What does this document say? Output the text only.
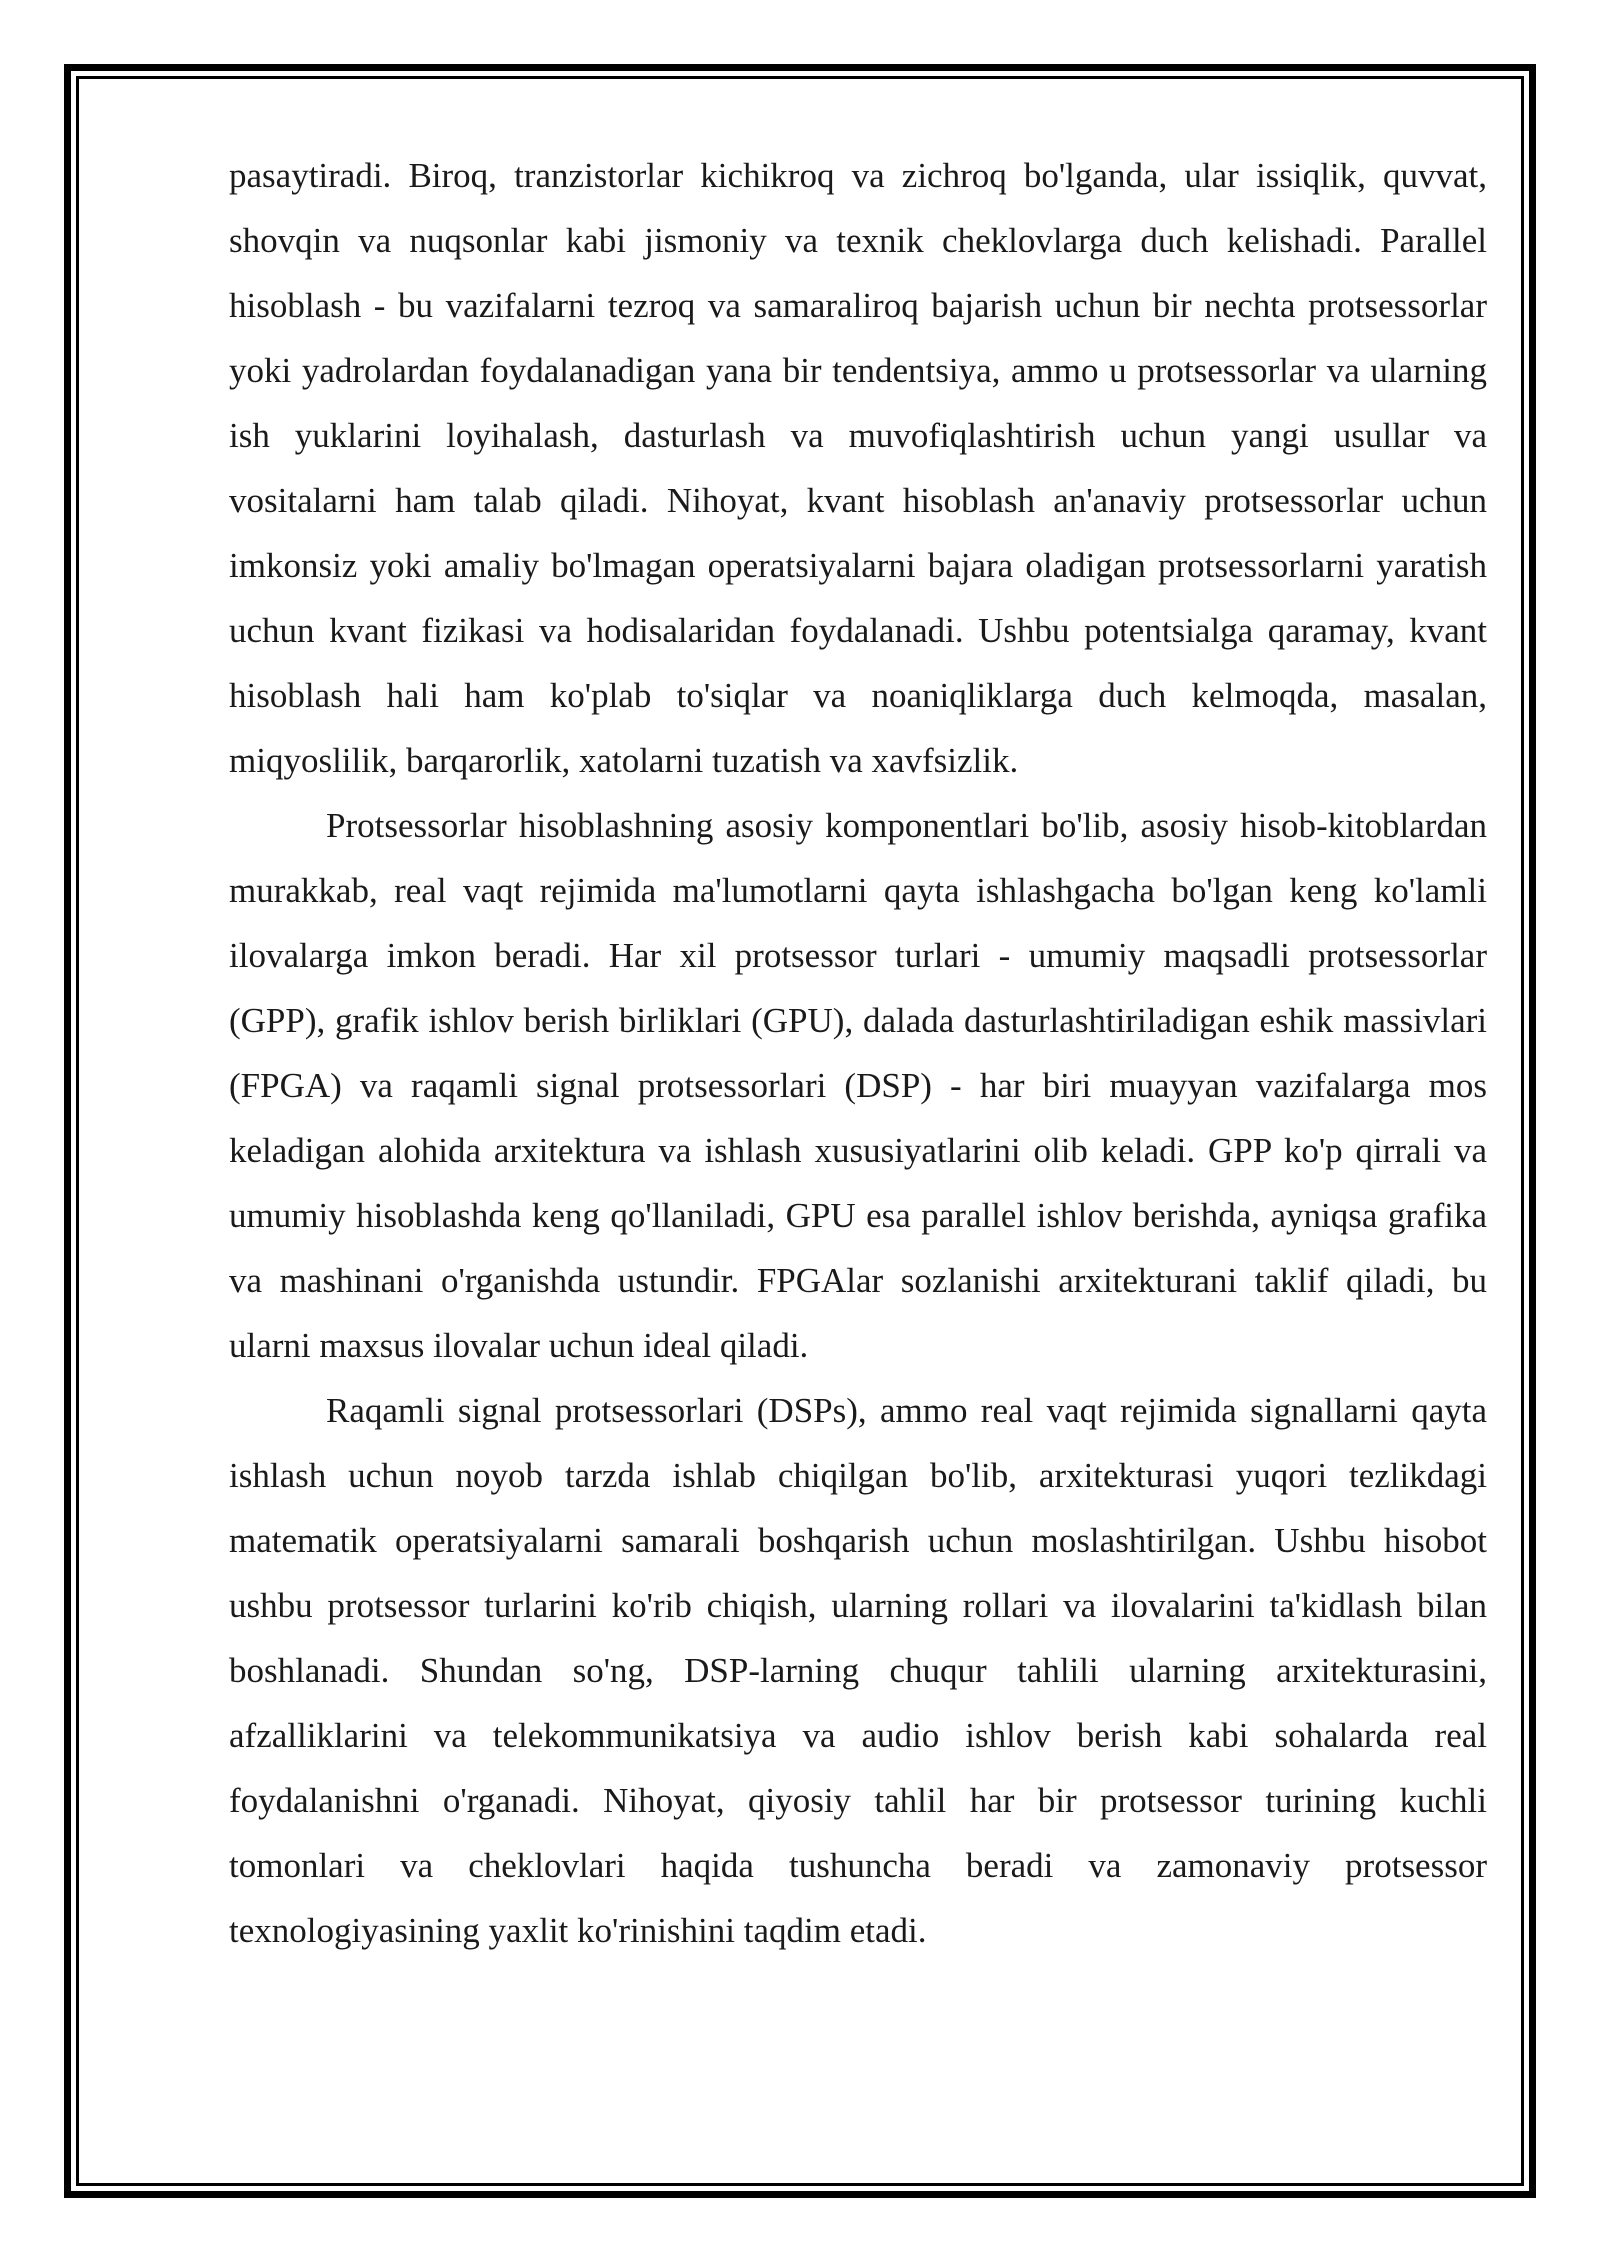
pasaytiradi. Biroq, tranzistorlar kichikroq va zichroq bo'lganda, ular issiqlik, quvvat, shovqin va nuqsonlar kabi jismoniy va texnik cheklovlarga duch kelishadi. Parallel hisoblash - bu vazifalarni tezroq va samaraliroq bajarish uchun bir nechta protsessorlar yoki yadrolardan foydalanadigan yana bir tendentsiya, ammo u protsessorlar va ularning ish yuklarini loyihalash, dasturlash va muvofiqlashtirish uchun yangi usullar va vositalarni ham talab qiladi. Nihoyat, kvant hisoblash an'anaviy protsessorlar uchun imkonsiz yoki amaliy bo'lmagan operatsiyalarni bajara oladigan protsessorlarni yaratish uchun kvant fizikasi va hodisalaridan foydalanadi. Ushbu potentsialga qaramay, kvant hisoblash hali ham ko'plab to'siqlar va noaniqliklarga duch kelmoqda, masalan, miqyoslilik, barqarorlik, xatolarni tuzatish va xavfsizlik.

Protsessorlar hisoblashning asosiy komponentlari bo'lib, asosiy hisob-kitoblardan murakkab, real vaqt rejimida ma'lumotlarni qayta ishlashgacha bo'lgan keng ko'lamli ilovalarga imkon beradi. Har xil protsessor turlari - umumiy maqsadli protsessorlar (GPP), grafik ishlov berish birliklari (GPU), dalada dasturlashtiriladigan eshik massivlari (FPGA) va raqamli signal protsessorlari (DSP) - har biri muayyan vazifalarga mos keladigan alohida arxitektura va ishlash xususiyatlarini olib keladi. GPP ko'p qirrali va umumiy hisoblashda keng qo'llaniladi, GPU esa parallel ishlov berishda, ayniqsa grafika va mashinani o'rganishda ustundir. FPGAlar sozlanishi arxitekturani taklif qiladi, bu ularni maxsus ilovalar uchun ideal qiladi.

Raqamli signal protsessorlari (DSPs), ammo real vaqt rejimida signallarni qayta ishlash uchun noyob tarzda ishlab chiqilgan bo'lib, arxitekturasi yuqori tezlikdagi matematik operatsiyalarni samarali boshqarish uchun moslashtirilgan. Ushbu hisobot ushbu protsessor turlarini ko'rib chiqish, ularning rollari va ilovalarini ta'kidlash bilan boshlanadi. Shundan so'ng, DSP-larning chuqur tahlili ularning arxitekturasini, afzalliklarini va telekommunikatsiya va audio ishlov berish kabi sohalarda real foydalanishni o'rganadi. Nihoyat, qiyosiy tahlil har bir protsessor turining kuchli tomonlari va cheklovlari haqida tushuncha beradi va zamonaviy protsessor texnologiyasining yaxlit ko'rinishini taqdim etadi.
